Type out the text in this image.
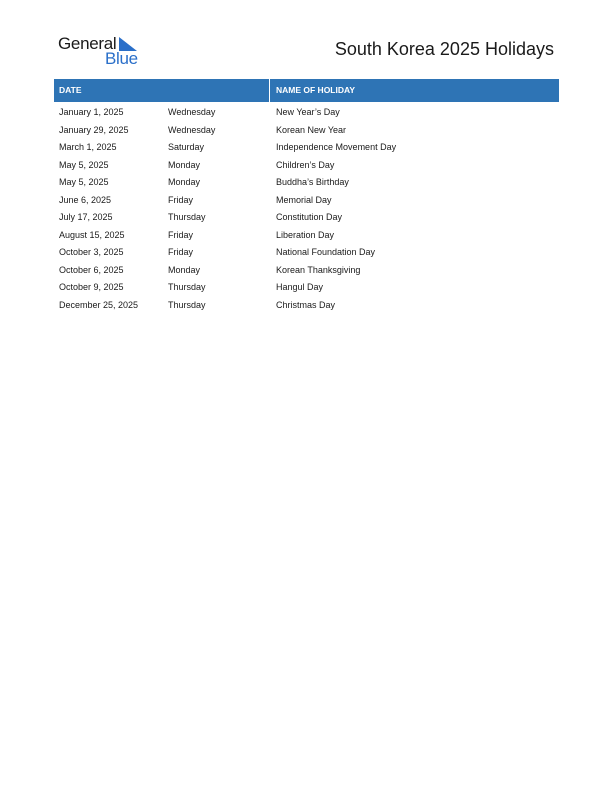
General
Blue	South Korea 2025 Holidays
DATE	NAME OF HOLIDAY
January 1, 2025	Wednesday	New Year’s Day
January 29, 2025	Wednesday	Korean New Year
March 1, 2025	Saturday	Independence Movement Day
May 5, 2025	Monday	Children’s Day
May 5, 2025	Monday	Buddha’s Birthday
June 6, 2025	Friday	Memorial Day
July 17, 2025	Thursday	Constitution Day
August 15, 2025	Friday	Liberation Day
October 3, 2025	Friday	National Foundation Day
October 6, 2025	Monday	Korean Thanksgiving
October 9, 2025	Thursday	Hangul Day
December 25, 2025	Thursday	Christmas Day
